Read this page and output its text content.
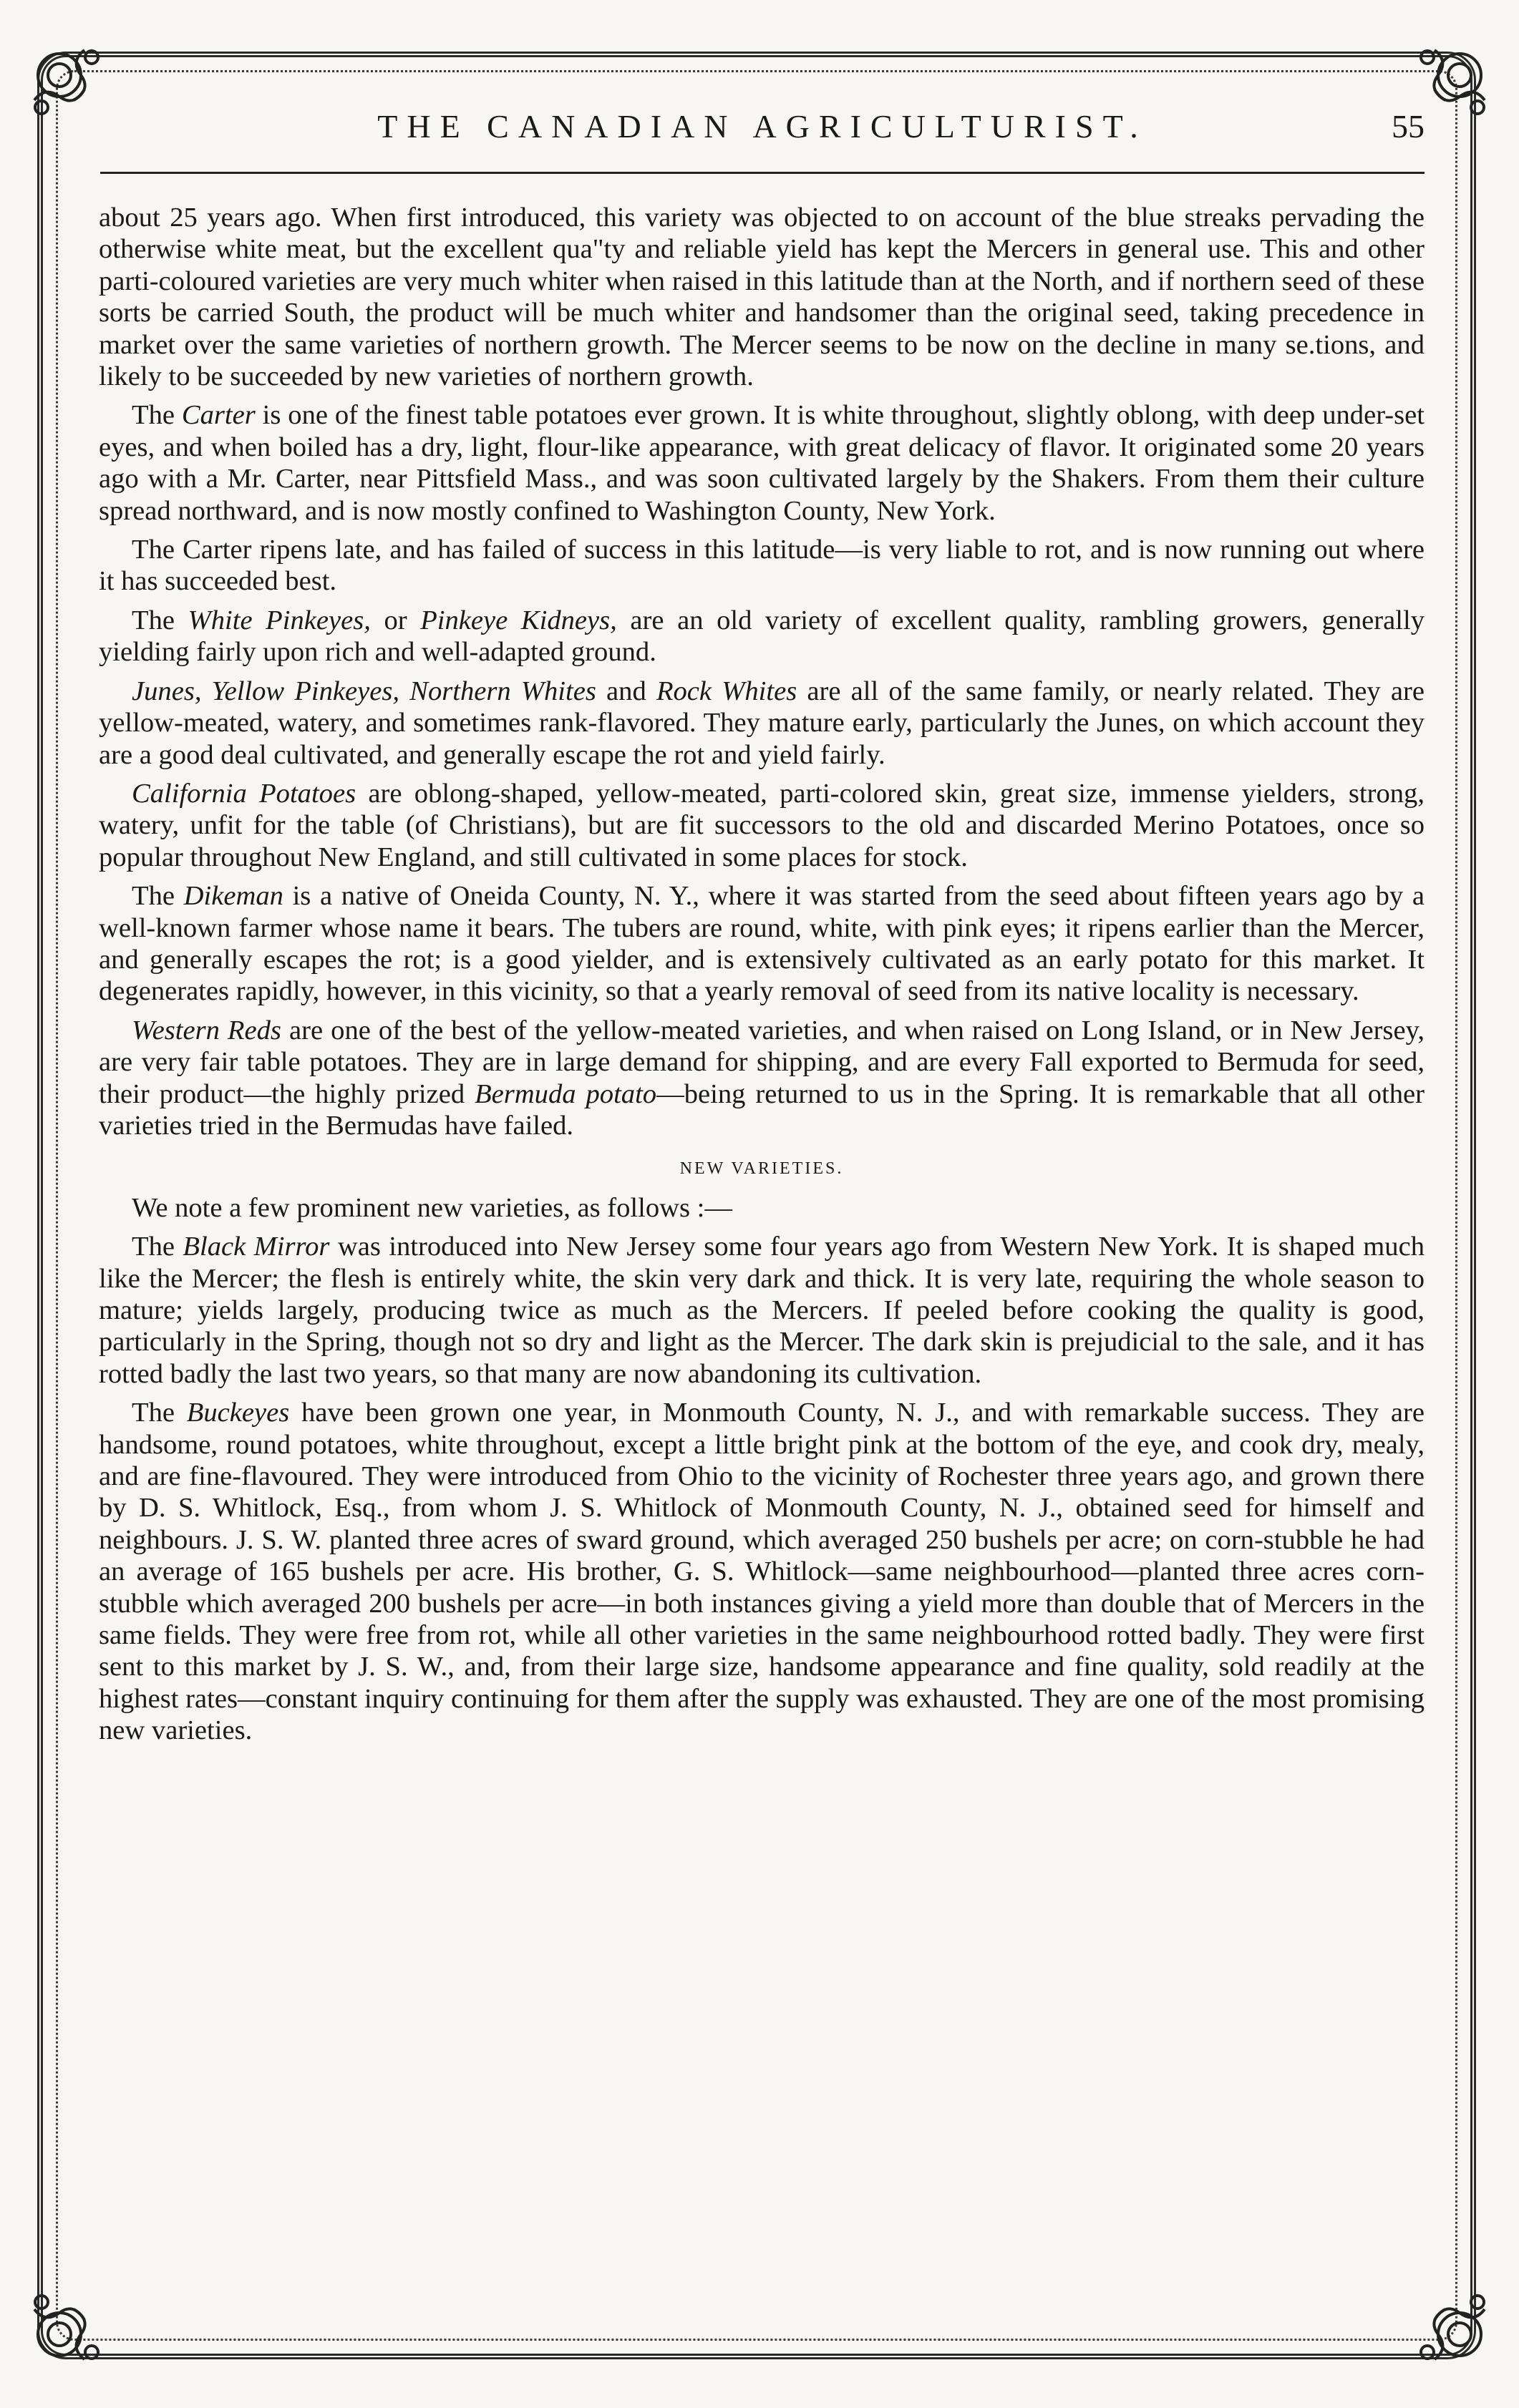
THE CANADIAN AGRICULTURIST.	55

about 25 years ago. When first introduced, this variety was objected to on account of the blue streaks pervading the otherwise white meat, but the excellent qua"ty and reliable yield has kept the Mercers in general use. This and other parti-coloured varieties are very much whiter when raised in this latitude than at the North, and if northern seed of these sorts be carried South, the product will be much whiter and handsomer than the original seed, taking precedence in market over the same varieties of northern growth. The Mercer seems to be now on the decline in many se.tions, and likely to be succeeded by new varieties of northern growth.

The Carter is one of the finest table potatoes ever grown. It is white throughout, slightly oblong, with deep under-set eyes, and when boiled has a dry, light, flour-like appearance, with great delicacy of flavor. It originated some 20 years ago with a Mr. Carter, near Pittsfield Mass., and was soon cultivated largely by the Shakers. From them their culture spread northward, and is now mostly confined to Washington County, New York.

The Carter ripens late, and has failed of success in this latitude—is very liable to rot, and is now running out where it has succeeded best.

The White Pinkeyes, or Pinkeye Kidneys, are an old variety of excellent quality, rambling growers, generally yielding fairly upon rich and well-adapted ground.

Junes, Yellow Pinkeyes, Northern Whites and Rock Whites are all of the same family, or nearly related. They are yellow-meated, watery, and sometimes rank-flavored. They mature early, particularly the Junes, on which account they are a good deal cultivated, and generally escape the rot and yield fairly.

California Potatoes are oblong-shaped, yellow-meated, parti-colored skin, great size, immense yielders, strong, watery, unfit for the table (of Christians), but are fit successors to the old and discarded Merino Potatoes, once so popular throughout New England, and still cultivated in some places for stock.

The Dikeman is a native of Oneida County, N. Y., where it was started from the seed about fifteen years ago by a well-known farmer whose name it bears. The tubers are round, white, with pink eyes; it ripens earlier than the Mercer, and generally escapes the rot; is a good yielder, and is extensively cultivated as an early potato for this market. It degenerates rapidly, however, in this vicinity, so that a yearly removal of seed from its native locality is necessary.

Western Reds are one of the best of the yellow-meated varieties, and when raised on Long Island, or in New Jersey, are very fair table potatoes. They are in large demand for shipping, and are every Fall exported to Bermuda for seed, their product—the highly prized Bermuda potato—being returned to us in the Spring. It is remarkable that all other varieties tried in the Bermudas have failed.

NEW VARIETIES.

We note a few prominent new varieties, as follows :—

The Black Mirror was introduced into New Jersey some four years ago from Western New York. It is shaped much like the Mercer; the flesh is entirely white, the skin very dark and thick. It is very late, requiring the whole season to mature; yields largely, producing twice as much as the Mercers. If peeled before cooking the quality is good, particularly in the Spring, though not so dry and light as the Mercer. The dark skin is prejudicial to the sale, and it has rotted badly the last two years, so that many are now abandoning its cultivation.

The Buckeyes have been grown one year, in Monmouth County, N. J., and with remarkable success. They are handsome, round potatoes, white throughout, except a little bright pink at the bottom of the eye, and cook dry, mealy, and are fine-flavoured. They were introduced from Ohio to the vicinity of Rochester three years ago, and grown there by D. S. Whitlock, Esq., from whom J. S. Whitlock of Monmouth County, N. J., obtained seed for himself and neighbours. J. S. W. planted three acres of sward ground, which averaged 250 bushels per acre; on corn-stubble he had an average of 165 bushels per acre. His brother, G. S. Whitlock—same neighbourhood—planted three acres corn-stubble which averaged 200 bushels per acre—in both instances giving a yield more than double that of Mercers in the same fields. They were free from rot, while all other varieties in the same neighbourhood rotted badly. They were first sent to this market by J. S. W., and, from their large size, handsome appearance and fine quality, sold readily at the highest rates—constant inquiry continuing for them after the supply was exhausted. They are one of the most promising new varieties.
